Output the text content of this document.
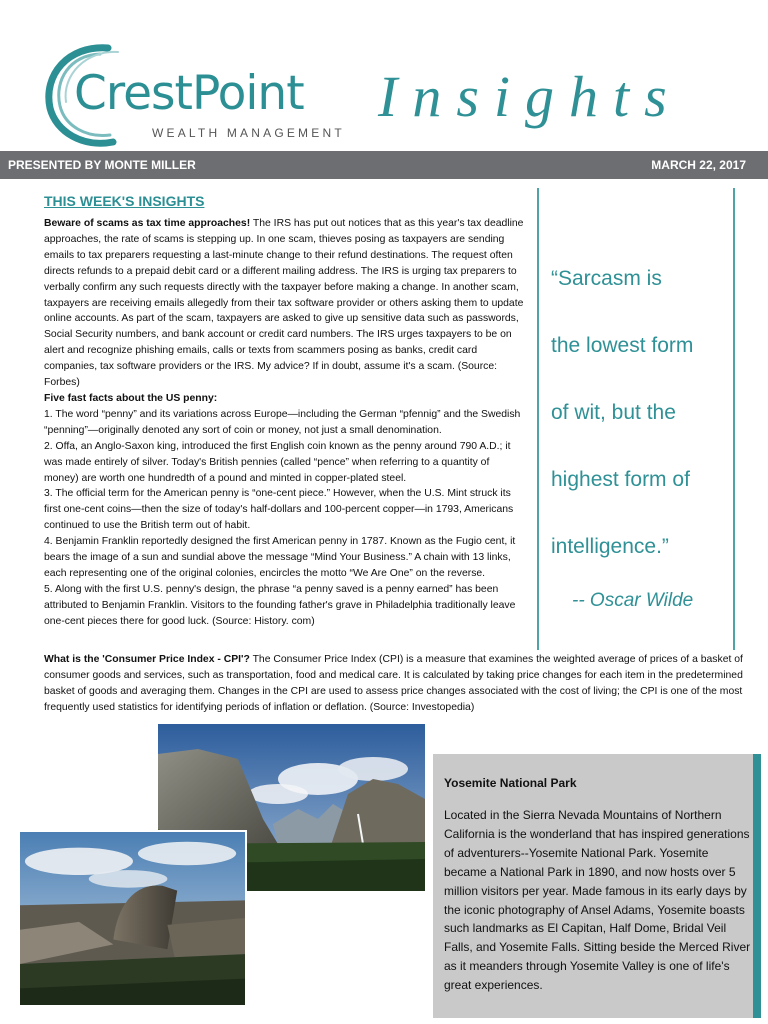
CrestPoint
WEALTH MANAGEMENT
Insights
PRESENTED BY MONTE MILLER	MARCH 22, 2017
THIS WEEK'S INSIGHTS

Beware of scams as tax time approaches! The IRS has put out notices that as this year's tax deadline approaches, the rate of scams is stepping up. In one scam, thieves posing as taxpayers are sending emails to tax preparers requesting a last-minute change to their refund destinations. The request often directs refunds to a prepaid debit card or a different mailing address. The IRS is urging tax preparers to verbally confirm any such requests directly with the taxpayer before making a change. In another scam, taxpayers are receiving emails allegedly from their tax software provider or others asking them to update online accounts. As part of the scam, taxpayers are asked to give up sensitive data such as passwords, Social Security numbers, and bank account or credit card numbers. The IRS urges taxpayers to be on alert and recognize phishing emails, calls or texts from scammers posing as banks, credit card companies, tax software providers or the IRS. My advice? If in doubt, assume it's a scam. (Source: Forbes)

Five fast facts about the US penny:

1. The word “penny” and its variations across Europe—including the German “pfennig” and the Swedish “penning”—originally denoted any sort of coin or money, not just a small denomination.

2. Offa, an Anglo-Saxon king, introduced the first English coin known as the penny around 790 A.D.; it was made entirely of silver. Today's British pennies (called “pence” when referring to a quantity of money) are worth one hundredth of a pound and minted in copper-plated steel.

3. The official term for the American penny is “one-cent piece.” However, when the U.S. Mint struck its first one-cent coins—then the size of today's half-dollars and 100-percent copper—in 1793, Americans continued to use the British term out of habit.

4. Benjamin Franklin reportedly designed the first American penny in 1787. Known as the Fugio cent, it bears the image of a sun and sundial above the message “Mind Your Business.” A chain with 13 links, each representing one of the original colonies, encircles the motto “We Are One” on the reverse.

5. Along with the first U.S. penny's design, the phrase “a penny saved is a penny earned” has been attributed to Benjamin Franklin. Visitors to the founding father's grave in Philadelphia traditionally leave one-cent pieces there for good luck. (Source: History. com)

What is the 'Consumer Price Index - CPI'? The Consumer Price Index (CPI) is a measure that examines the weighted average of prices of a basket of consumer goods and services, such as transportation, food and medical care. It is calculated by taking price changes for each item in the predetermined basket of goods and averaging them. Changes in the CPI are used to assess price changes associated with the cost of living; the CPI is one of the most frequently used statistics for identifying periods of inflation or deflation. (Source: Investopedia)

“Sarcasm is
the lowest form
of wit, but the
highest form of
intelligence.”
-- Oscar Wilde
Yosemite National Park
Located in the Sierra Nevada Mountains of Northern California is the wonderland that has inspired generations of adventurers--Yosemite National Park. Yosemite became a National Park in 1890, and now hosts over 5 million visitors per year. Made famous in its early days by the iconic photography of Ansel Adams, Yosemite boasts such landmarks as El Capitan, Half Dome, Bridal Veil Falls, and Yosemite Falls. Sitting beside the Merced River as it meanders through Yosemite Valley is one of life's great experiences.
